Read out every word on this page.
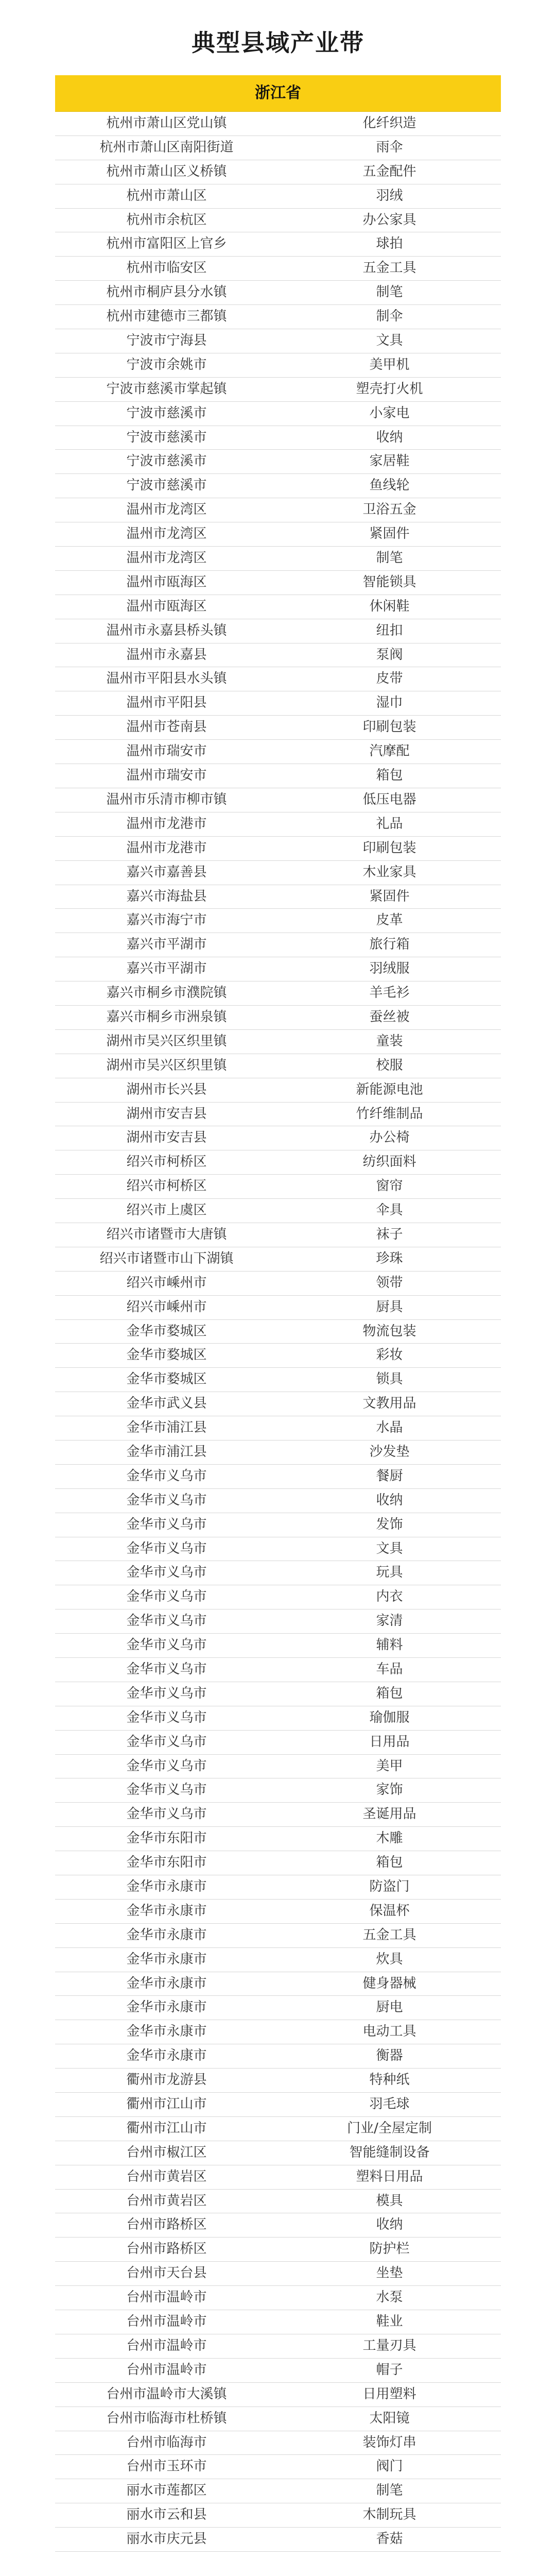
典型县域产业带
浙江省
杭州市萧山区党山镇	化纤织造
杭州市萧山区南阳街道	雨伞
杭州市萧山区义桥镇	五金配件
杭州市萧山区	羽绒
杭州市余杭区	办公家具
杭州市富阳区上官乡	球拍
杭州市临安区	五金工具
杭州市桐庐县分水镇	制笔
杭州市建德市三都镇	制伞
宁波市宁海县	文具
宁波市余姚市	美甲机
宁波市慈溪市掌起镇	塑壳打火机
宁波市慈溪市	小家电
宁波市慈溪市	收纳
宁波市慈溪市	家居鞋
宁波市慈溪市	鱼线轮
温州市龙湾区	卫浴五金
温州市龙湾区	紧固件
温州市龙湾区	制笔
温州市瓯海区	智能锁具
温州市瓯海区	休闲鞋
温州市永嘉县桥头镇	纽扣
温州市永嘉县	泵阀
温州市平阳县水头镇	皮带
温州市平阳县	湿巾
温州市苍南县	印刷包装
温州市瑞安市	汽摩配
温州市瑞安市	箱包
温州市乐清市柳市镇	低压电器
温州市龙港市	礼品
温州市龙港市	印刷包装
嘉兴市嘉善县	木业家具
嘉兴市海盐县	紧固件
嘉兴市海宁市	皮革
嘉兴市平湖市	旅行箱
嘉兴市平湖市	羽绒服
嘉兴市桐乡市濮院镇	羊毛衫
嘉兴市桐乡市洲泉镇	蚕丝被
湖州市吴兴区织里镇	童装
湖州市吴兴区织里镇	校服
湖州市长兴县	新能源电池
湖州市安吉县	竹纤维制品
湖州市安吉县	办公椅
绍兴市柯桥区	纺织面料
绍兴市柯桥区	窗帘
绍兴市上虞区	伞具
绍兴市诸暨市大唐镇	袜子
绍兴市诸暨市山下湖镇	珍珠
绍兴市嵊州市	领带
绍兴市嵊州市	厨具
金华市婺城区	物流包装
金华市婺城区	彩妆
金华市婺城区	锁具
金华市武义县	文教用品
金华市浦江县	水晶
金华市浦江县	沙发垫
金华市义乌市	餐厨
金华市义乌市	收纳
金华市义乌市	发饰
金华市义乌市	文具
金华市义乌市	玩具
金华市义乌市	内衣
金华市义乌市	家清
金华市义乌市	辅料
金华市义乌市	车品
金华市义乌市	箱包
金华市义乌市	瑜伽服
金华市义乌市	日用品
金华市义乌市	美甲
金华市义乌市	家饰
金华市义乌市	圣诞用品
金华市东阳市	木雕
金华市东阳市	箱包
金华市永康市	防盗门
金华市永康市	保温杯
金华市永康市	五金工具
金华市永康市	炊具
金华市永康市	健身器械
金华市永康市	厨电
金华市永康市	电动工具
金华市永康市	衡器
衢州市龙游县	特种纸
衢州市江山市	羽毛球
衢州市江山市	门业/全屋定制
台州市椒江区	智能缝制设备
台州市黄岩区	塑料日用品
台州市黄岩区	模具
台州市路桥区	收纳
台州市路桥区	防护栏
台州市天台县	坐垫
台州市温岭市	水泵
台州市温岭市	鞋业
台州市温岭市	工量刃具
台州市温岭市	帽子
台州市温岭市大溪镇	日用塑料
台州市临海市杜桥镇	太阳镜
台州市临海市	装饰灯串
台州市玉环市	阀门
丽水市莲都区	制笔
丽水市云和县	木制玩具
丽水市庆元县	香菇
